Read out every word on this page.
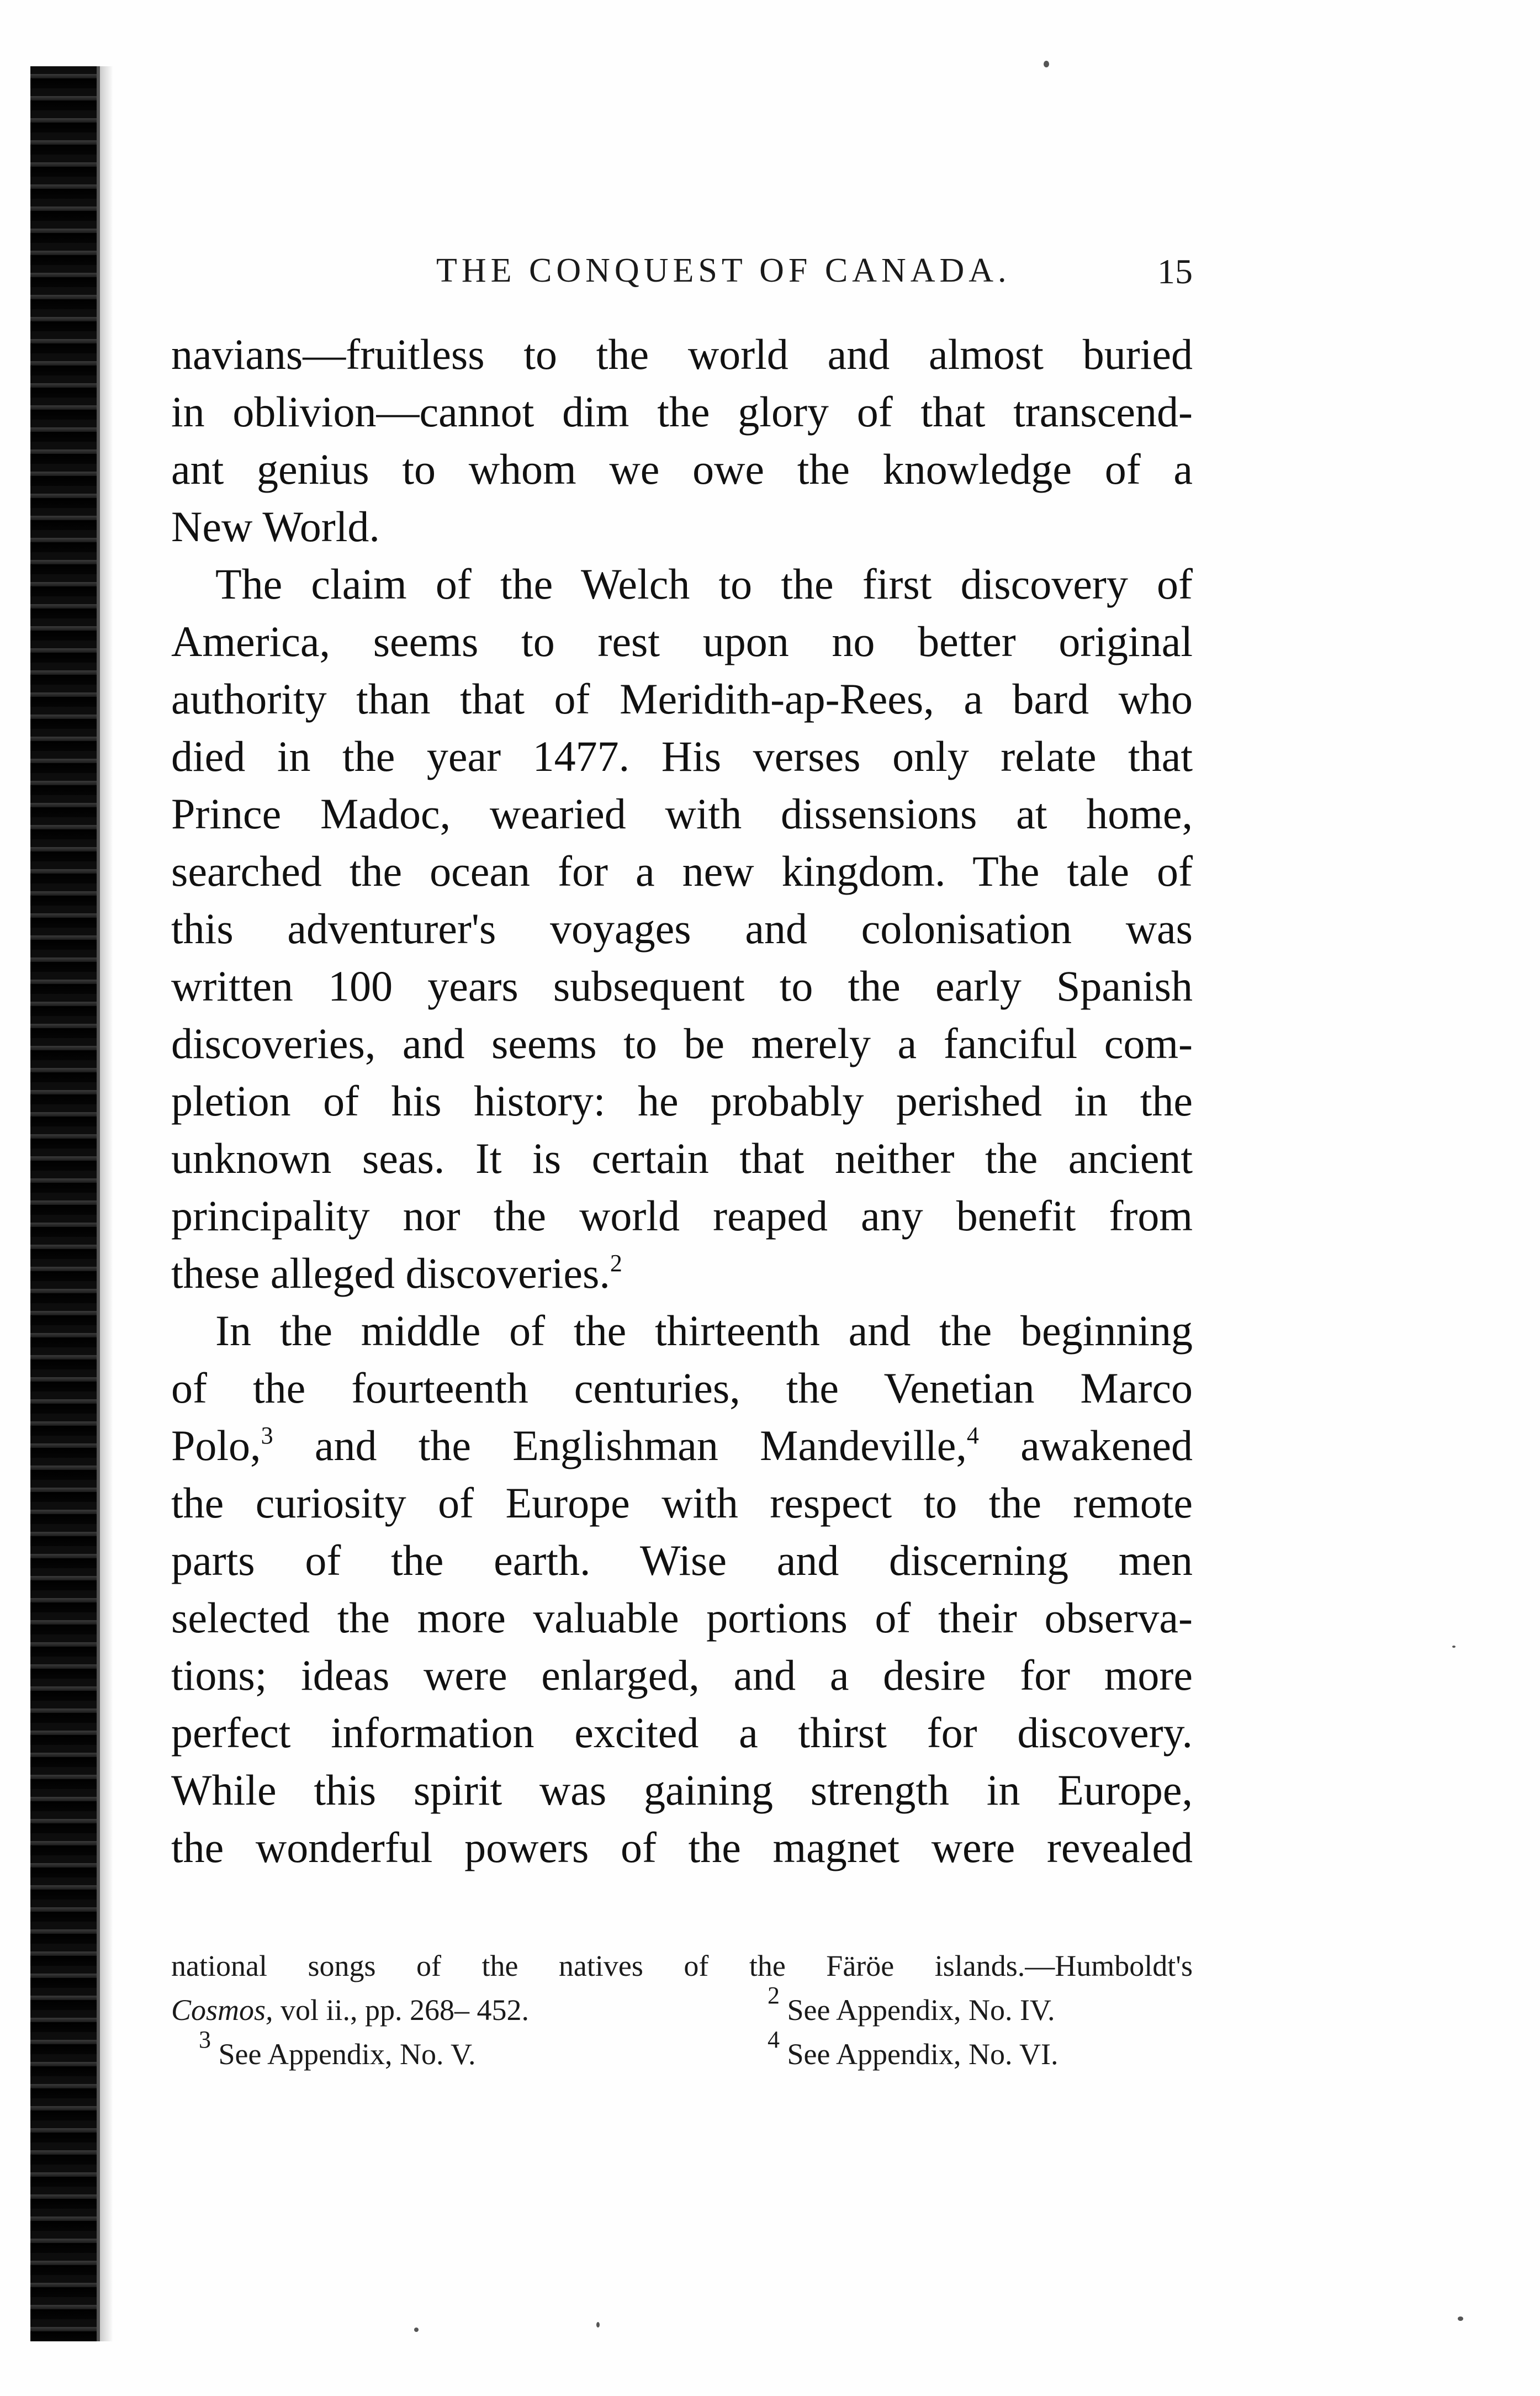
THE CONQUEST OF CANADA.	15
navians—fruitless to the world and almost buried
in oblivion—cannot dim the glory of that transcend-
ant genius to whom we owe the knowledge of a
New World.
The claim of the Welch to the first discovery of
America, seems to rest upon no better original
authority than that of Meridith-ap-Rees, a bard who
died in the year 1477. His verses only relate that
Prince Madoc, wearied with dissensions at home,
searched the ocean for a new kingdom. The tale of
this adventurer's voyages and colonisation was
written 100 years subsequent to the early Spanish
discoveries, and seems to be merely a fanciful com-
pletion of his history: he probably perished in the
unknown seas. It is certain that neither the ancient
principality nor the world reaped any benefit from
these alleged discoveries.$^2$
In the middle of the thirteenth and the beginning
of the fourteenth centuries, the Venetian Marco
Polo,$^3$ and the Englishman Mandeville,$^4$ awakened
the curiosity of Europe with respect to the remote
parts of the earth. Wise and discerning men
selected the more valuable portions of their observa-
tions; ideas were enlarged, and a desire for more
perfect information excited a thirst for discovery.
While this spirit was gaining strength in Europe,
the wonderful powers of the magnet were revealed
national songs of the natives of the Färöe islands.—Humboldt's
Cosmos, vol ii., pp. 268– 452.	$^2$ See Appendix, No. IV.
$^3$ See Appendix, No. V.	$^4$ See Appendix, No. VI.
